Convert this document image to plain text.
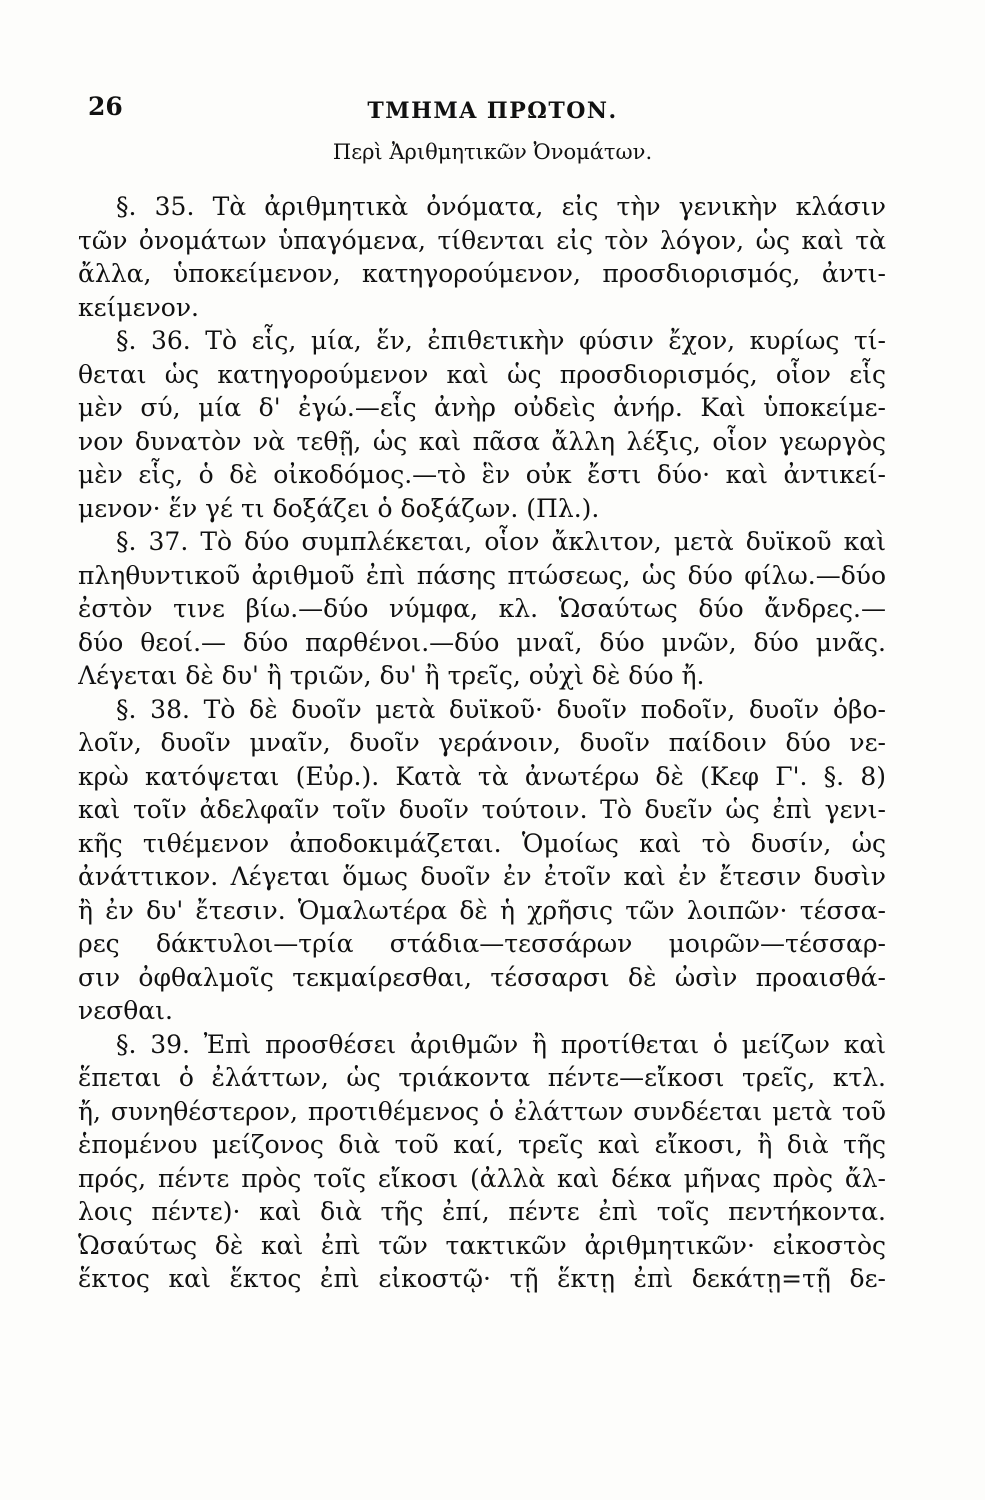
26	ΤΜΗΜΑ ΠΡΩΤΟΝ.
Περὶ Ἀριθμητικῶν Ὀνομάτων.
§. 35. Τὰ ἀριθμητικὰ ὀνόματα, εἰς τὴν γενικὴν κλάσιν
τῶν ὀνομάτων ὑπαγόμενα, τίθενται εἰς τὸν λόγον, ὡς καὶ τὰ
ἄλλα, ὑποκείμενον, κατηγορούμενον, προσδιορισμός, ἀντι-
κείμενον.
§. 36. Τὸ εἷς, μία, ἕν, ἐπιθετικὴν φύσιν ἔχον, κυρίως τί-
θεται ὡς κατηγορούμενον καὶ ὡς προσδιορισμός, οἷον εἷς
μὲν σύ, μία δ' ἐγώ.—εἷς ἀνὴρ οὐδεὶς ἀνήρ. Καὶ ὑποκείμε-
νον δυνατὸν νὰ τεθῇ, ὡς καὶ πᾶσα ἄλλη λέξις, οἷον γεωργὸς
μὲν εἷς, ὁ δὲ οἰκοδόμος.—τὸ ἓν οὐκ ἔστι δύο· καὶ ἀντικεί-
μενον· ἕν γέ τι δοξάζει ὁ δοξάζων. (Πλ.).
§. 37. Τὸ δύο συμπλέκεται, οἷον ἄκλιτον, μετὰ δυϊκοῦ καὶ
πληθυντικοῦ ἀριθμοῦ ἐπὶ πάσης πτώσεως, ὡς δύο φίλω.—δύο
ἐστὸν τινε βίω.—δύο νύμφα, κλ. Ὡσαύτως δύο ἄνδρες.—
δύο θεοί.— δύο παρθένοι.—δύο μναῖ, δύο μνῶν, δύο μνᾶς.
Λέγεται δὲ δυ' ἢ τριῶν, δυ' ἢ τρεῖς, οὐχὶ δὲ δύο ἤ.
§. 38. Τὸ δὲ δυοῖν μετὰ δυϊκοῦ· δυοῖν ποδοῖν, δυοῖν ὀβο-
λοῖν, δυοῖν μναῖν, δυοῖν γεράνοιν, δυοῖν παίδοιν δύο νε-
κρὼ κατόψεται (Εὐρ.). Κατὰ τὰ ἀνωτέρω δὲ (Κεφ Γ'. §. 8)
καὶ τοῖν ἀδελφαῖν τοῖν δυοῖν τούτοιν. Τὸ δυεῖν ὡς ἐπὶ γενι-
κῆς τιθέμενον ἀποδοκιμάζεται. Ὁμοίως καὶ τὸ δυσίν, ὡς
ἀνάττικον. Λέγεται ὅμως δυοῖν ἐν ἐτοῖν καὶ ἐν ἔτεσιν δυσὶν
ἢ ἐν δυ' ἔτεσιν. Ὁμαλωτέρα δὲ ἡ χρῆσις τῶν λοιπῶν· τέσσα-
ρες δάκτυλοι—τρία στάδια—τεσσάρων μοιρῶν—τέσσαρ-
σιν ὀφθαλμοῖς τεκμαίρεσθαι, τέσσαρσι δὲ ὠσὶν προαισθά-
νεσθαι.
§. 39. Ἐπὶ προσθέσει ἀριθμῶν ἢ προτίθεται ὁ μείζων καὶ
ἕπεται ὁ ἐλάττων, ὡς τριάκοντα πέντε—εἴκοσι τρεῖς, κτλ.
ἤ, συνηθέστερον, προτιθέμενος ὁ ἐλάττων συνδέεται μετὰ τοῦ
ἑπομένου μείζονος διὰ τοῦ καί, τρεῖς καὶ εἴκοσι, ἢ διὰ τῆς
πρός, πέντε πρὸς τοῖς εἴκοσι (ἀλλὰ καὶ δέκα μῆνας πρὸς ἄλ-
λοις πέντε)· καὶ διὰ τῆς ἐπί, πέντε ἐπὶ τοῖς πεντήκοντα.
Ὡσαύτως δὲ καὶ ἐπὶ τῶν τακτικῶν ἀριθμητικῶν· εἰκοστὸς
ἕκτος καὶ ἕκτος ἐπὶ εἰκοστῷ· τῇ ἕκτῃ ἐπὶ δεκάτῃ=τῇ δε-
